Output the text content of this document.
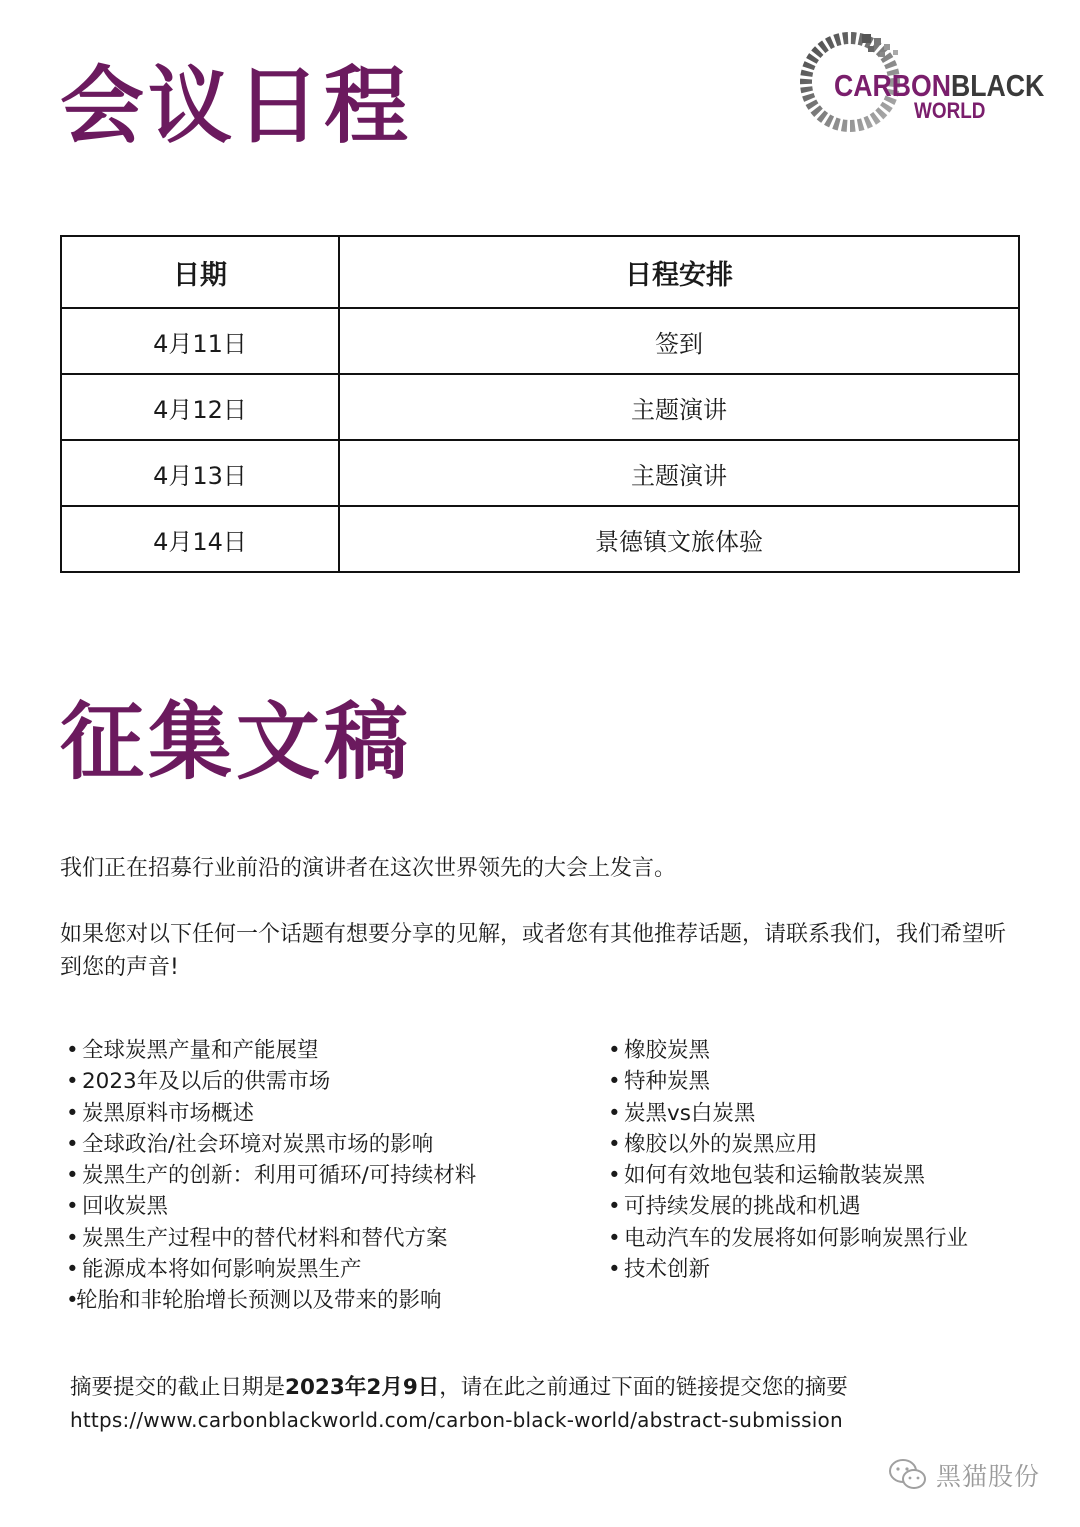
会议日程	CARBONBLACK
WORLD
日期	日程安排
4月11日	签到
4月12日	主题演讲
4月13日	主题演讲
4月14日	景德镇文旅体验
征集文稿

我们正在招募行业前沿的演讲者在这次世界领先的大会上发言。

如果您对以下任何一个话题有想要分享的见解，或者您有其他推荐话题，请联系我们，我们希望听到您的声音!

• 全球炭黑产量和产能展望
• 2023年及以后的供需市场
• 炭黑原料市场概述
• 全球政治/社会环境对炭黑市场的影响
• 炭黑生产的创新：利用可循环/可持续材料
• 回收炭黑
• 炭黑生产过程中的替代材料和替代方案
• 能源成本将如何影响炭黑生产
•轮胎和非轮胎增长预测以及带来的影响
• 橡胶炭黑
• 特种炭黑
• 炭黑vs白炭黑
• 橡胶以外的炭黑应用
• 如何有效地包装和运输散装炭黑
• 可持续发展的挑战和机遇
• 电动汽车的发展将如何影响炭黑行业
• 技术创新

摘要提交的截止日期是2023年2月9日，请在此之前通过下面的链接提交您的摘要

https://www.carbonblackworld.com/carbon-black-world/abstract-submission

黑猫股份
